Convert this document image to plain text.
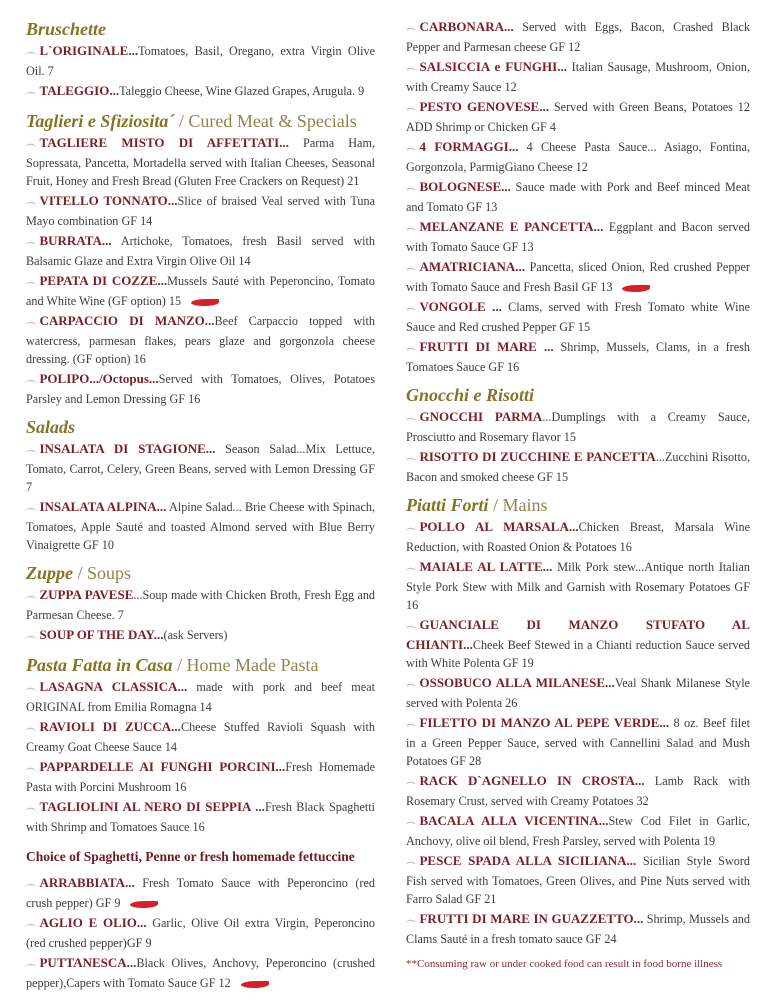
Bruschette
෴ L`ORIGINALE...Tomatoes, Basil, Oregano, extra Virgin Olive Oil. 7
෴ TALEGGIO...Taleggio Cheese, Wine Glazed Grapes, Arugula. 9
Taglieri e Sfiziosita´ / Cured Meat & Specials
෴ TAGLIERE MISTO DI AFFETTATI... Parma Ham, Sopressata, Pancetta, Mortadella served with Italian Cheeses, Seasonal Fruit, Honey and Fresh Bread (Gluten Free Crackers on Request) 21
෴ VITELLO TONNATO...Slice of braised Veal served with Tuna Mayo combination GF 14
෴ BURRATA... Artichoke, Tomatoes, fresh Basil served with Balsamic Glaze and Extra Virgin Olive Oil 14
෴ PEPATA DI COZZE...Mussels Sauté with Peperoncino, Tomato and White Wine (GF option) 15
෴ CARPACCIO DI MANZO...Beef Carpaccio topped with watercress, parmesan flakes, pears glaze and gorgonzola cheese dressing. (GF option) 16
෴ POLIPO.../Octopus...Served with Tomatoes, Olives, Potatoes Parsley and Lemon Dressing GF 16
Salads
෴ INSALATA DI STAGIONE... Season Salad...Mix Lettuce, Tomato, Carrot, Celery, Green Beans, served with Lemon Dressing GF 7
෴ INSALATA ALPINA... Alpine Salad... Brie Cheese with Spinach, Tomatoes, Apple Sauté and toasted Almond served with Blue Berry Vinaigrette GF 10
Zuppe / Soups
෴ ZUPPA PAVESE...Soup made with Chicken Broth, Fresh Egg and Parmesan Cheese. 7
෴ SOUP OF THE DAY...(ask Servers)
Pasta Fatta in Casa / Home Made Pasta
෴ LASAGNA CLASSICA... made with pork and beef meat ORIGINAL from Emilia Romagna 14
෴ RAVIOLI DI ZUCCA...Cheese Stuffed Ravioli Squash with Creamy Goat Cheese Sauce 14
෴ PAPPARDELLE AI FUNGHI PORCINI...Fresh Homemade Pasta with Porcini Mushroom 16
෴ TAGLIOLINI AL NERO DI SEPPIA ...Fresh Black Spaghetti with Shrimp and Tomatoes Sauce 16
Choice of Spaghetti, Penne or fresh homemade fettuccine
෴ ARRABBIATA... Fresh Tomato Sauce with Peperoncino (red crush pepper) GF 9
෴ AGLIO E OLIO... Garlic, Olive Oil extra Virgin, Peperoncino (red crushed pepper)GF 9
෴ PUTTANESCA...Black Olives, Anchovy, Peperoncino (crushed pepper),Capers with Tomato Sauce GF 12
෴ CARBONARA... Served with Eggs, Bacon, Crashed Black Pepper and Parmesan cheese GF 12
෴ SALSICCIA e FUNGHI... Italian Sausage, Mushroom, Onion, with Creamy Sauce 12
෴ PESTO GENOVESE... Served with Green Beans, Potatoes 12 ADD Shrimp or Chicken GF 4
෴ 4 FORMAGGI... 4 Cheese Pasta Sauce... Asiago, Fontina, Gorgonzola, ParmigGiano Cheese 12
෴ BOLOGNESE... Sauce made with Pork and Beef minced Meat and Tomato GF 13
෴ MELANZANE E PANCETTA... Eggplant and Bacon served with Tomato Sauce GF 13
෴ AMATRICIANA... Pancetta, sliced Onion, Red crushed Pepper with Tomato Sauce and Fresh Basil GF 13
෴ VONGOLE ... Clams, served with Fresh Tomato white Wine Sauce and Red crushed Pepper GF 15
෴ FRUTTI DI MARE ... Shrimp, Mussels, Clams, in a fresh Tomatoes Sauce GF 16
Gnocchi e Risotti
෴ GNOCCHI PARMA...Dumplings with a Creamy Sauce, Prosciutto and Rosemary flavor 15
෴ RISOTTO DI ZUCCHINE E PANCETTA...Zucchini Risotto, Bacon and smoked cheese GF 15
Piatti Forti / Mains
෴ POLLO AL MARSALA...Chicken Breast, Marsala Wine Reduction, with Roasted Onion & Potatoes 16
෴ MAIALE AL LATTE... Milk Pork stew...Antique north Italian Style Pork Stew with Milk and Garnish with Rosemary Potatoes GF 16
෴ GUANCIALE DI MANZO STUFATO AL CHIANTI...Cheek Beef Stewed in a Chianti reduction Sauce served with White Polenta GF 19
෴ OSSOBUCO ALLA MILANESE...Veal Shank Milanese Style served with Polenta 26
෴ FILETTO DI MANZO AL PEPE VERDE... 8 oz. Beef filet in a Green Pepper Sauce, served with Cannellini Salad and Mush Potatoes GF 28
෴ RACK D`AGNELLO IN CROSTA... Lamb Rack with Rosemary Crust, served with Creamy Potatoes 32
෴ BACALA ALLA VICENTINA...Stew Cod Filet in Garlic, Anchovy, olive oil blend, Fresh Parsley, served with Polenta 19
෴ PESCE SPADA ALLA SICILIANA... Sicilian Style Sword Fish served with Tomatoes, Green Olives, and Pine Nuts served with Farro Salad GF 21
෴ FRUTTI DI MARE IN GUAZZETTO... Shrimp, Mussels and Clams Sauté in a fresh tomato sauce GF 24
**Consuming raw or under cooked food can result in food borne illness
